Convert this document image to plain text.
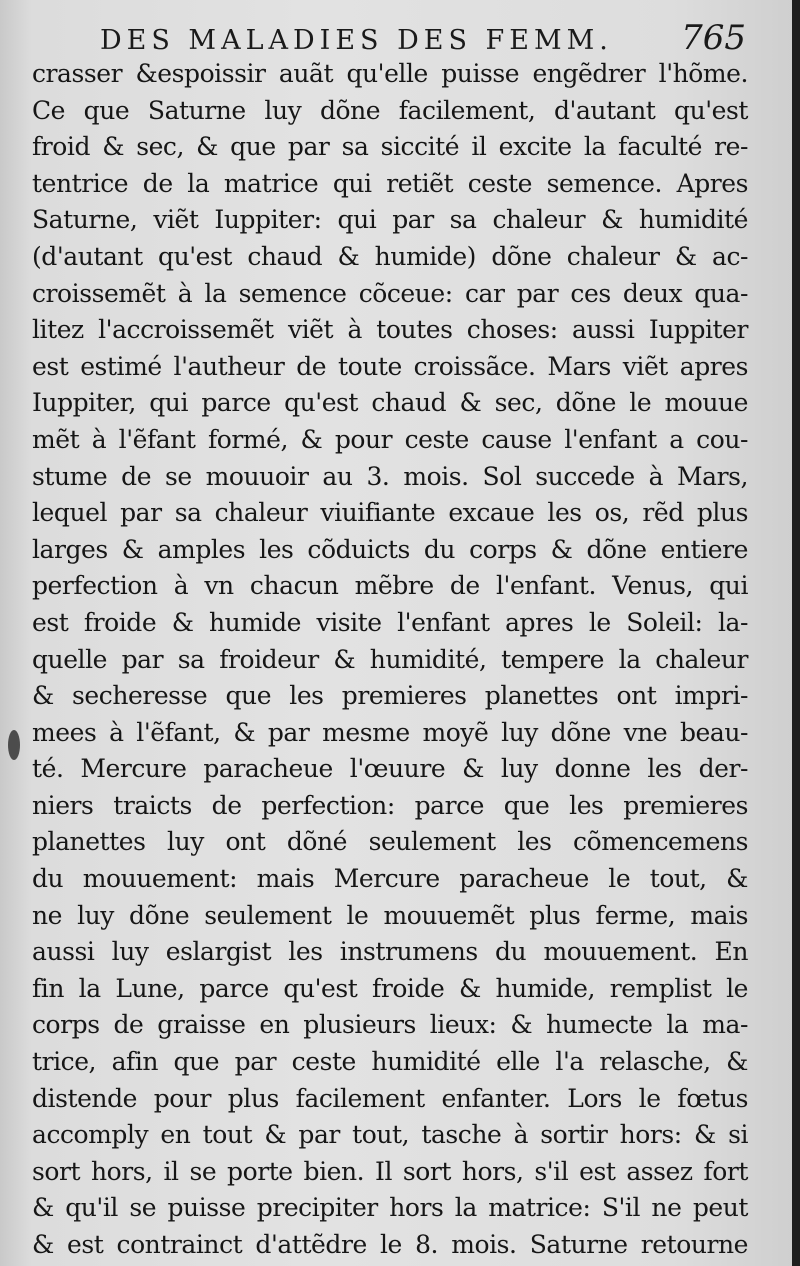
DES MALADIES DES FEMM. 765
crasser &espoissir auãt qu'elle puisse engẽdrer l'hõme.
Ce que Saturne luy dõne facilement, d'autant qu'est
froid & sec, & que par sa siccité il excite la faculté re-
tentrice de la matrice qui retiẽt ceste semence. Apres
Saturne, viẽt Iuppiter: qui par sa chaleur & humidité
(d'autant qu'est chaud & humide) dõne chaleur & ac-
croissemẽt à la semence cõceue: car par ces deux qua-
litez l'accroissemẽt viẽt à toutes choses: aussi Iuppiter
est estimé l'autheur de toute croissãce. Mars viẽt apres
Iuppiter, qui parce qu'est chaud & sec, dõne le mouue
mẽt à l'ẽfant formé, & pour ceste cause l'enfant a cou-
stume de se mouuoir au 3. mois. Sol succede à Mars,
lequel par sa chaleur viuifiante excaue les os, rẽd plus
larges & amples les cõduicts du corps & dõne entiere
perfection à vn chacun mẽbre de l'enfant. Venus, qui
est froide & humide visite l'enfant apres le Soleil: la-
quelle par sa froideur & humidité, tempere la chaleur
& secheresse que les premieres planettes ont impri-
mees à l'ẽfant, & par mesme moyẽ luy dõne vne beau-
té. Mercure paracheue l'œuure & luy donne les der-
niers traicts de perfection: parce que les premieres
planettes luy ont dõné seulement les cõmencemens
du mouuement: mais Mercure paracheue le tout, &
ne luy dõne seulement le mouuemẽt plus ferme, mais
aussi luy eslargist les instrumens du mouuement. En
fin la Lune, parce qu'est froide & humide, remplist le
corps de graisse en plusieurs lieux: & humecte la ma-
trice, afin que par ceste humidité elle l'a relasche, &
distende pour plus facilement enfanter. Lors le fœtus
accomply en tout & par tout, tasche à sortir hors: & si
sort hors, il se porte bien. Il sort hors, s'il est assez fort
& qu'il se puisse precipiter hors la matrice: S'il ne peut
& est contrainct d'attẽdre le 8. mois. Saturne retourne
